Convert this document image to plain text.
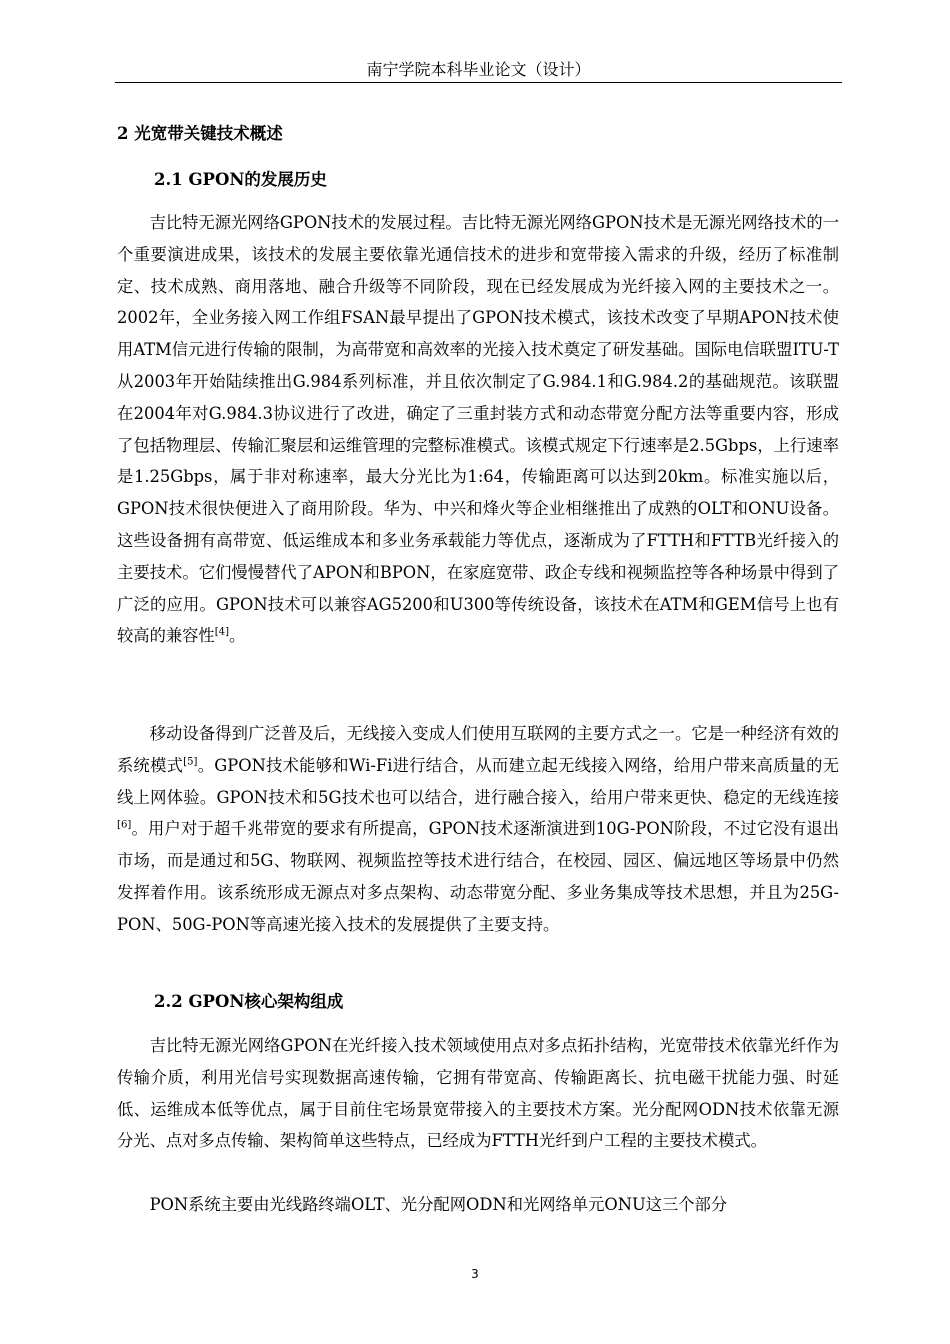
南宁学院本科毕业论文（设计）
2 光宽带关键技术概述
2.1 GPON的发展历史

吉比特无源光网络GPON技术的发展过程。吉比特无源光网络GPON技术是无源光网络技术的一个重要演进成果，该技术的发展主要依靠光通信技术的进步和宽带接入需求的升级，经历了标准制定、技术成熟、商用落地、融合升级等不同阶段，现在已经发展成为光纤接入网的主要技术之一。2002年，全业务接入网工作组FSAN最早提出了GPON技术模式，该技术改变了早期APON技术使用ATM信元进行传输的限制，为高带宽和高效率的光接入技术奠定了研发基础。国际电信联盟ITU-T从2003年开始陆续推出G.984系列标准，并且依次制定了G.984.1和G.984.2的基础规范。该联盟在2004年对G.984.3协议进行了改进，确定了三重封装方式和动态带宽分配方法等重要内容，形成了包括物理层、传输汇聚层和运维管理的完整标准模式。该模式规定下行速率是2.5Gbps，上行速率是1.25Gbps，属于非对称速率，最大分光比为1:64，传输距离可以达到20km。标准实施以后，GPON技术很快便进入了商用阶段。华为、中兴和烽火等企业相继推出了成熟的OLT和ONU设备。这些设备拥有高带宽、低运维成本和多业务承载能力等优点，逐渐成为了FTTH和FTTB光纤接入的主要技术。它们慢慢替代了APON和BPON，在家庭宽带、政企专线和视频监控等各种场景中得到了广泛的应用。GPON技术可以兼容AG5200和U300等传统设备，该技术在ATM和GEM信号上也有较高的兼容性[4]。

移动设备得到广泛普及后，无线接入变成人们使用互联网的主要方式之一。它是一种经济有效的系统模式[5]。GPON技术能够和Wi-Fi进行结合，从而建立起无线接入网络，给用户带来高质量的无线上网体验。GPON技术和5G技术也可以结合，进行融合接入，给用户带来更快、稳定的无线连接[6]。用户对于超千兆带宽的要求有所提高，GPON技术逐渐演进到10G-PON阶段，不过它没有退出市场，而是通过和5G、物联网、视频监控等技术进行结合，在校园、园区、偏远地区等场景中仍然发挥着作用。该系统形成无源点对多点架构、动态带宽分配、多业务集成等技术思想，并且为25G-PON、50G-PON等高速光接入技术的发展提供了主要支持。

2.2 GPON核心架构组成

吉比特无源光网络GPON在光纤接入技术领域使用点对多点拓扑结构，光宽带技术依靠光纤作为传输介质，利用光信号实现数据高速传输，它拥有带宽高、传输距离长、抗电磁干扰能力强、时延低、运维成本低等优点，属于目前住宅场景宽带接入的主要技术方案。光分配网ODN技术依靠无源分光、点对多点传输、架构简单这些特点，已经成为FTTH光纤到户工程的主要技术模式。

PON系统主要由光线路终端OLT、光分配网ODN和光网络单元ONU这三个部分

3
